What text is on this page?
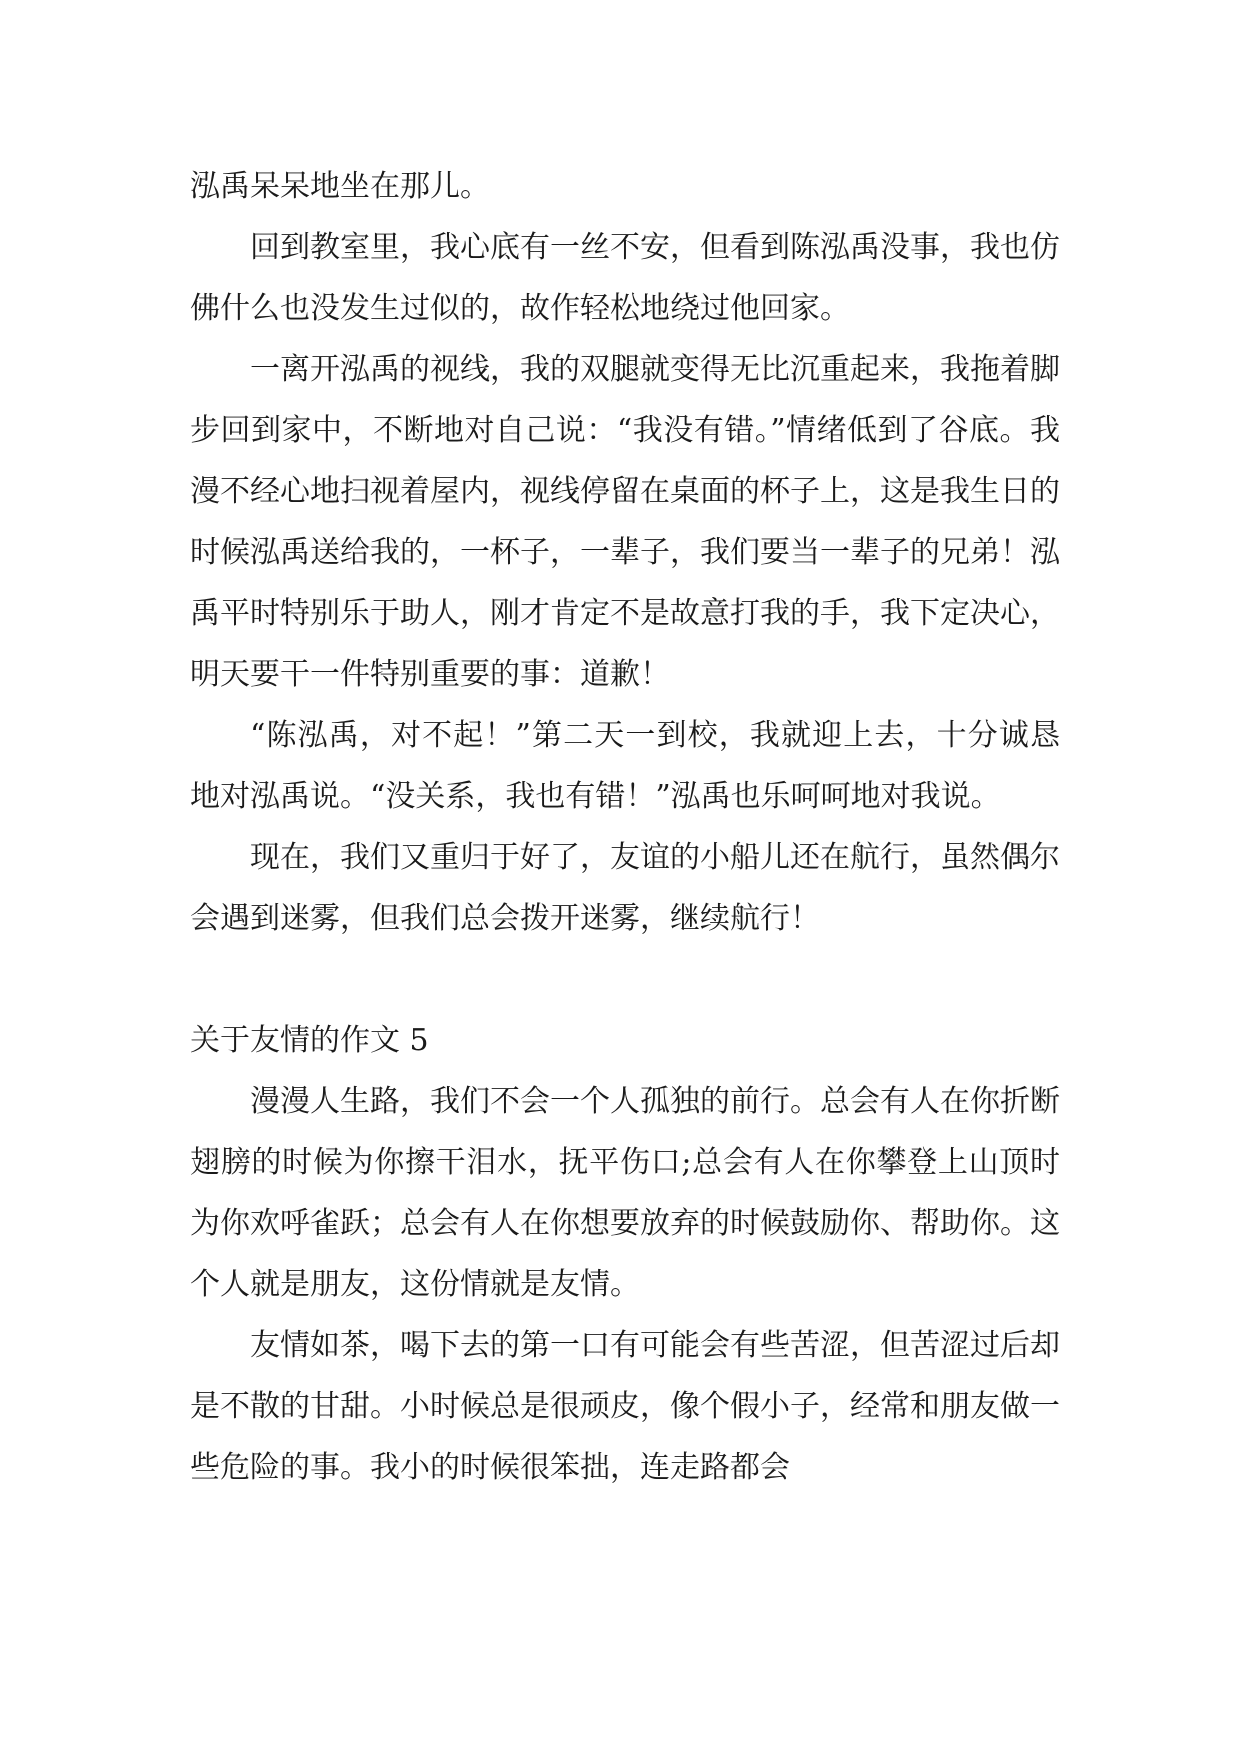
泓禹呆呆地坐在那儿。

回到教室里，我心底有一丝不安，但看到陈泓禹没事，我也仿佛什么也没发生过似的，故作轻松地绕过他回家。

一离开泓禹的视线，我的双腿就变得无比沉重起来，我拖着脚步回到家中，不断地对自己说：“我没有错。”情绪低到了谷底。我漫不经心地扫视着屋内，视线停留在桌面的杯子上，这是我生日的时候泓禹送给我的，一杯子，一辈子，我们要当一辈子的兄弟！泓禹平时特别乐于助人，刚才肯定不是故意打我的手，我下定决心，明天要干一件特别重要的事：道歉！

“陈泓禹，对不起！”第二天一到校，我就迎上去，十分诚恳地对泓禹说。“没关系，我也有错！”泓禹也乐呵呵地对我说。

现在，我们又重归于好了，友谊的小船儿还在航行，虽然偶尔会遇到迷雾，但我们总会拨开迷雾，继续航行！

关于友情的作文 5

漫漫人生路，我们不会一个人孤独的前行。总会有人在你折断翅膀的时候为你擦干泪水，抚平伤口;总会有人在你攀登上山顶时为你欢呼雀跃；总会有人在你想要放弃的时候鼓励你、帮助你。这个人就是朋友，这份情就是友情。

友情如茶，喝下去的第一口有可能会有些苦涩，但苦涩过后却是不散的甘甜。小时候总是很顽皮，像个假小子，经常和朋友做一些危险的事。我小的时候很笨拙，连走路都会
